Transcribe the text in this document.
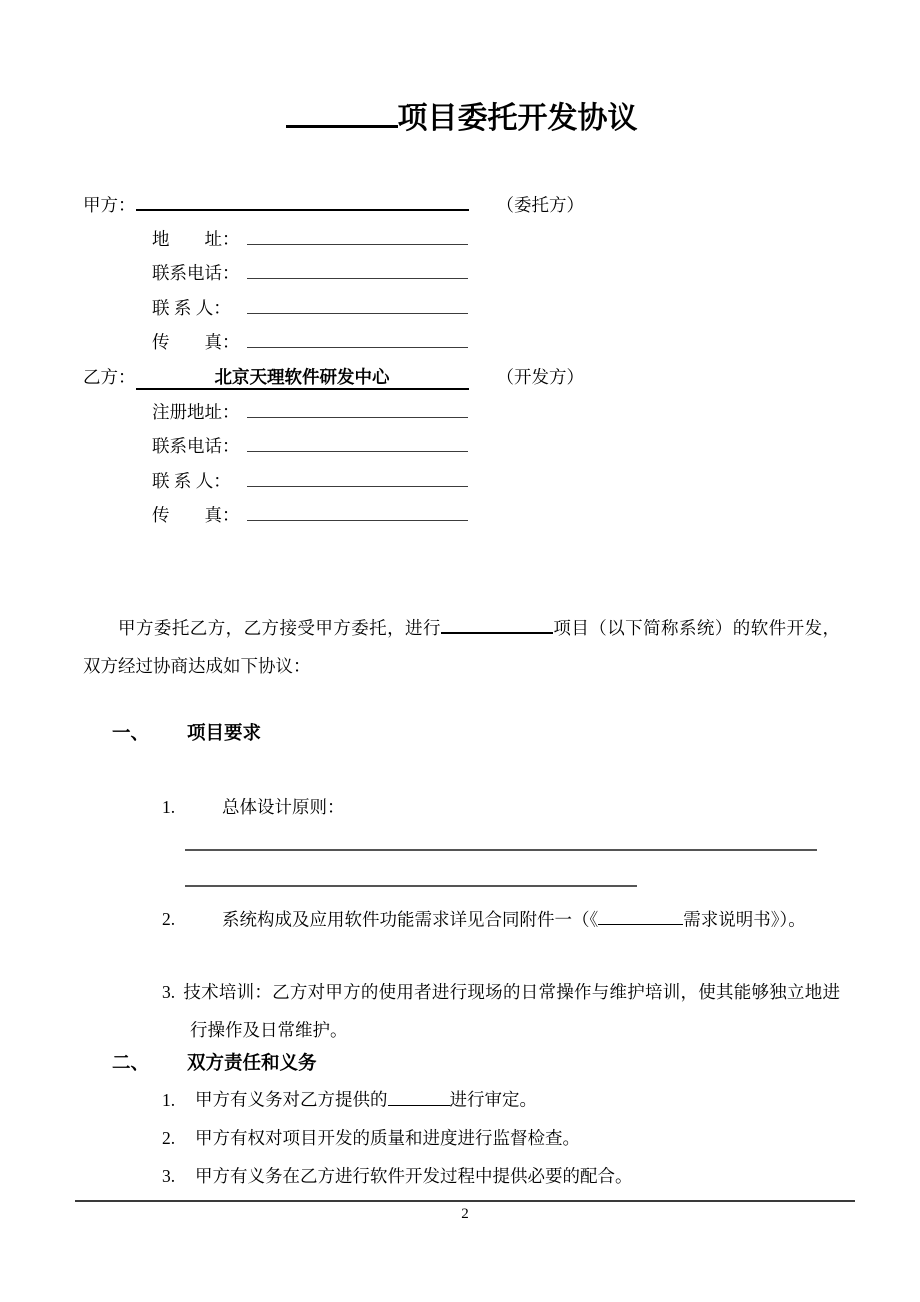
项目委托开发协议
甲方：	（委托方）
地　　址：
联系电话：
联 系 人：
传　　真：
乙方：	北京天理软件研发中心	（开发方）
注册地址：
联系电话：
联 系 人：
传　　真：

甲方委托乙方，乙方接受甲方委托，进行	项目（以下简称系统）的软件开发，双方经过协商达成如下协议：

一、 项目要求
1.	总体设计原则：
2.	系统构成及应用软件功能需求详见合同附件一（《	需求说明书》）。
3. 技术培训：乙方对甲方的使用者进行现场的日常操作与维护培训，使其能够独立地进行操作及日常维护。
二、 双方责任和义务
1. 甲方有义务对乙方提供的	进行审定。
2. 甲方有权对项目开发的质量和进度进行监督检查。
3. 甲方有义务在乙方进行软件开发过程中提供必要的配合。
2
